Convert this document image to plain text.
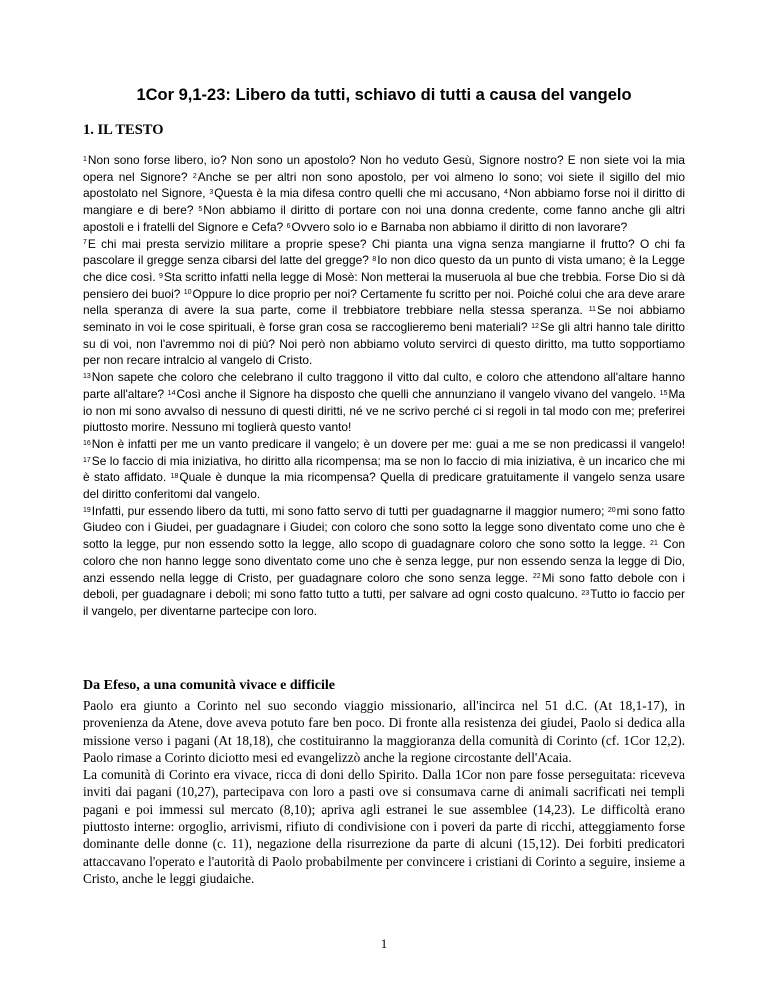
1Cor 9,1-23: Libero da tutti, schiavo di tutti a causa del vangelo
1. IL TESTO

$^1$Non sono forse libero, io? Non sono un apostolo? Non ho veduto Gesù, Signore nostro? E non siete voi la mia opera nel Signore? $^2$Anche se per altri non sono apostolo, per voi almeno lo sono; voi siete il sigillo del mio apostolato nel Signore, $^3$Questa è la mia difesa contro quelli che mi accusano, $^4$Non abbiamo forse noi il diritto di mangiare e di bere? $^5$Non abbiamo il diritto di portare con noi una donna credente, come fanno anche gli altri apostoli e i fratelli del Signore e Cefa? $^6$Ovvero solo io e Barnaba non abbiamo il diritto di non lavorare?

$^7$E chi mai presta servizio militare a proprie spese? Chi pianta una vigna senza mangiarne il frutto? O chi fa pascolare il gregge senza cibarsi del latte del gregge? $^8$Io non dico questo da un punto di vista umano; è la Legge che dice così. $^9$Sta scritto infatti nella legge di Mosè: Non metterai la museruola al bue che trebbia. Forse Dio si dà pensiero dei buoi? $^{10}$Oppure lo dice proprio per noi? Certamente fu scritto per noi. Poiché colui che ara deve arare nella speranza di avere la sua parte, come il trebbiatore trebbiare nella stessa speranza. $^{11}$Se noi abbiamo seminato in voi le cose spirituali, è forse gran cosa se raccoglieremo beni materiali? $^{12}$Se gli altri hanno tale diritto su di voi, non l'avremmo noi di più? Noi però non abbiamo voluto servirci di questo diritto, ma tutto sopportiamo per non recare intralcio al vangelo di Cristo.

$^{13}$Non sapete che coloro che celebrano il culto traggono il vitto dal culto, e coloro che attendono all'altare hanno parte all'altare? $^{14}$Così anche il Signore ha disposto che quelli che annunziano il vangelo vivano del vangelo. $^{15}$Ma io non mi sono avvalso di nessuno di questi diritti, né ve ne scrivo perché ci si regoli in tal modo con me; preferirei piuttosto morire. Nessuno mi toglierà questo vanto!

$^{16}$Non è infatti per me un vanto predicare il vangelo; è un dovere per me: guai a me se non predicassi il vangelo! $^{17}$Se lo faccio di mia iniziativa, ho diritto alla ricompensa; ma se non lo faccio di mia iniziativa, è un incarico che mi è stato affidato. $^{18}$Quale è dunque la mia ricompensa? Quella di predicare gratuitamente il vangelo senza usare del diritto conferitomi dal vangelo.

$^{19}$Infatti, pur essendo libero da tutti, mi sono fatto servo di tutti per guadagnarne il maggior numero; $^{20}$mi sono fatto Giudeo con i Giudei, per guadagnare i Giudei; con coloro che sono sotto la legge sono diventato come uno che è sotto la legge, pur non essendo sotto la legge, allo scopo di guadagnare coloro che sono sotto la legge. $^{21}$ Con coloro che non hanno legge sono diventato come uno che è senza legge, pur non essendo senza la legge di Dio, anzi essendo nella legge di Cristo, per guadagnare coloro che sono senza legge. $^{22}$Mi sono fatto debole con i deboli, per guadagnare i deboli; mi sono fatto tutto a tutti, per salvare ad ogni costo qualcuno. $^{23}$Tutto io faccio per il vangelo, per diventarne partecipe con loro.

Da Efeso, a una comunità vivace e difficile

Paolo era giunto a Corinto nel suo secondo viaggio missionario, all'incirca nel 51 d.C. (At 18,1-17), in provenienza da Atene, dove aveva potuto fare ben poco. Di fronte alla resistenza dei giudei, Paolo si dedica alla missione verso i pagani (At 18,18), che costituiranno la maggioranza della comunità di Corinto (cf. 1Cor 12,2). Paolo rimase a Corinto diciotto mesi ed evangelizzò anche la regione circostante dell'Acaia.

La comunità di Corinto era vivace, ricca di doni dello Spirito. Dalla 1Cor non pare fosse perseguitata: riceveva inviti dai pagani (10,27), partecipava con loro a pasti ove si consumava carne di animali sacrificati nei templi pagani e poi immessi sul mercato (8,10); apriva agli estranei le sue assemblee (14,23). Le difficoltà erano piuttosto interne: orgoglio, arrivismi, rifiuto di condivisione con i poveri da parte di ricchi, atteggiamento forse dominante delle donne (c. 11), negazione della risurrezione da parte di alcuni (15,12). Dei forbiti predicatori attaccavano l'operato e l'autorità di Paolo probabilmente per convincere i cristiani di Corinto a seguire, insieme a Cristo, anche le leggi giudaiche.

1
